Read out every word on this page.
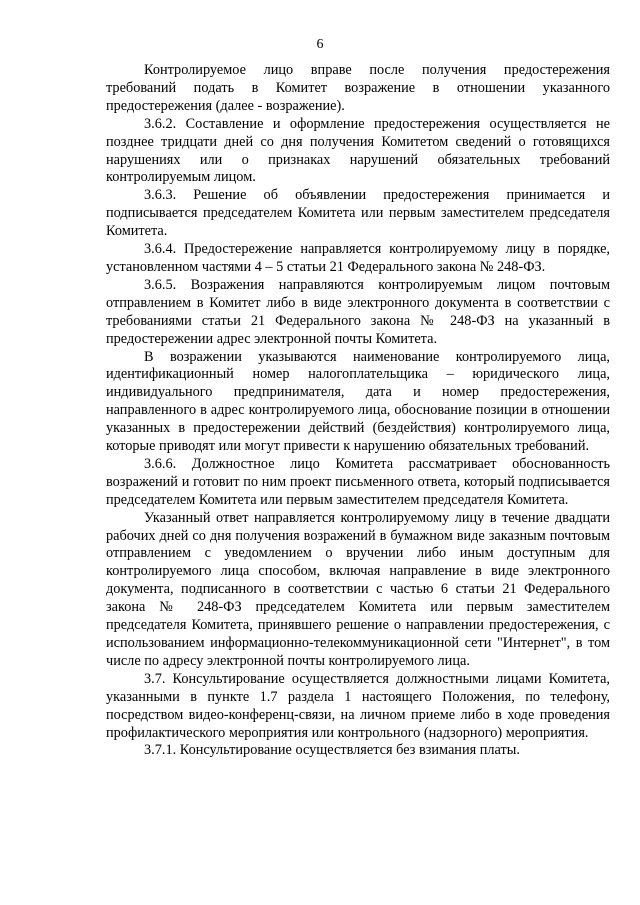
6

Контролируемое лицо вправе после получения предостережения требований подать в Комитет возражение в отношении указанного предостережения (далее - возражение).

3.6.2. Составление и оформление предостережения осуществляется не позднее тридцати дней со дня получения Комитетом сведений о готовящихся нарушениях или о признаках нарушений обязательных требований контролируемым лицом.

3.6.3. Решение об объявлении предостережения принимается и подписывается председателем Комитета или первым заместителем председателя Комитета.

3.6.4. Предостережение направляется контролируемому лицу в порядке, установленном частями 4 – 5 статьи 21 Федерального закона № 248-ФЗ.

3.6.5. Возражения направляются контролируемым лицом почтовым отправлением в Комитет либо в виде электронного документа в соответствии с требованиями статьи 21 Федерального закона № 248-ФЗ на указанный в предостережении адрес электронной почты Комитета.

В возражении указываются наименование контролируемого лица, идентификационный номер налогоплательщика – юридического лица, индивидуального предпринимателя, дата и номер предостережения, направленного в адрес контролируемого лица, обоснование позиции в отношении указанных в предостережении действий (бездействия) контролируемого лица, которые приводят или могут привести к нарушению обязательных требований.

3.6.6. Должностное лицо Комитета рассматривает обоснованность возражений и готовит по ним проект письменного ответа, который подписывается председателем Комитета или первым заместителем председателя Комитета.

Указанный ответ направляется контролируемому лицу в течение двадцати рабочих дней со дня получения возражений в бумажном виде заказным почтовым отправлением с уведомлением о вручении либо иным доступным для контролируемого лица способом, включая направление в виде электронного документа, подписанного в соответствии с частью 6 статьи 21 Федерального закона № 248-ФЗ председателем Комитета или первым заместителем председателя Комитета, принявшего решение о направлении предостережения, с использованием информационно-телекоммуникационной сети "Интернет", в том числе по адресу электронной почты контролируемого лица.

3.7. Консультирование осуществляется должностными лицами Комитета, указанными в пункте 1.7 раздела 1 настоящего Положения, по телефону, посредством видео-конференц-связи, на личном приеме либо в ходе проведения профилактического мероприятия или контрольного (надзорного) мероприятия.

3.7.1. Консультирование осуществляется без взимания платы.
